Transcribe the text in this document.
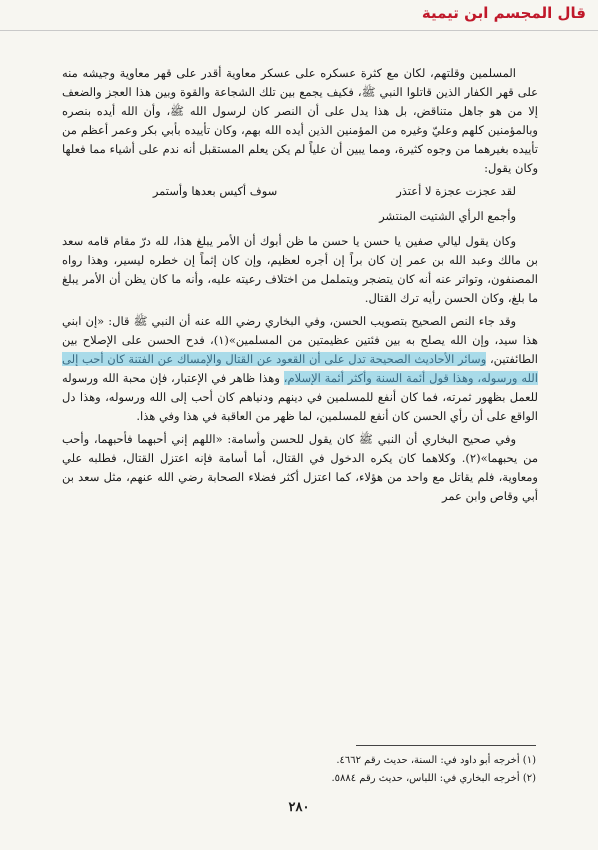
قال المجسم ابن تيمية

المسلمين وقلتهم، لكان مع كثرة عسكره على عسكر معاوية أقدر على قهر معاوية وجيشه منه على قهر الكفار الذين قاتلوا النبي ﷺ، فكيف يجمع بين تلك الشجاعة والقوة وبين هذا العجز والضعف إلا من هو جاهل متناقض، بل هذا يدل على أن النصر كان لرسول الله ﷺ، وأن الله أيده بنصره وبالمؤمنين كلهم وعليّ وغيره من المؤمنين الذين أيده الله بهم، وكان تأييده بأبي بكر وعمر أعظم من تأييده بغيرهما من وجوه كثيرة، ومما يبين أن علياً لم يكن يعلم المستقبل أنه ندم على أشياء مما فعلها وكان يقول:

لقد عجزت عجزة لا أعتذر
سوف أكيس بعدها وأستمر
وأجمع الرأي الشتيت المنتشر

وكان يقول ليالي صفين يا حسن يا حسن ما ظن أبوك أن الأمر يبلغ هذا، لله درّ مقام قامه سعد بن مالك وعبد الله بن عمر إن كان براً إن أجره لعظيم، وإن كان إثماً إن خطره ليسير، وهذا رواه المصنفون، وتواتر عنه أنه كان يتضجر ويتململ من اختلاف رعيته عليه، وأنه ما كان يظن أن الأمر يبلغ ما بلغ، وكان الحسن رأيه ترك القتال.

وقد جاء النص الصحيح بتصويب الحسن، وفي البخاري رضي الله عنه أن النبي ﷺ قال: «إن ابني هذا سيد، وإن الله يصلح به بين فئتين عظيمتين من المسلمين»(١)، فدح الحسن على الإصلاح بين الطائفتين، وسائر الأحاديث الصحيحة تدل على أن القعود عن القتال والإمساك عن الفتنة كان أحب إلى الله ورسوله، وهذا قول أئمة السنة وأكثر أئمة الإسلام، وهذا ظاهر في الإعتبار، فإن محبة الله ورسوله للعمل بظهور ثمرته، فما كان أنفع للمسلمين في دينهم ودنياهم كان أحب إلى الله ورسوله، وهذا دل الواقع على أن رأي الحسن كان أنفع للمسلمين، لما ظهر من العاقبة في هذا وفي هذا.

وفي صحيح البخاري أن النبي ﷺ كان يقول للحسن وأسامة: «اللهم إني أحبهما فأحبهما، وأحب من يحبهما»(٢). وكلاهما كان يكره الدخول في القتال، أما أسامة فإنه اعتزل القتال، فطلبه علي ومعاوية، فلم يقاتل مع واحد من هؤلاء، كما اعتزل أكثر فضلاء الصحابة رضي الله عنهم، مثل سعد بن أبي وقاص وابن عمر

(١) أخرجه أبو داود في: السنة، حديث رقم ٤٦٦٢.
(٢) أخرجه البخاري في: اللباس، حديث رقم ٥٨٨٤.
٢٨٠
